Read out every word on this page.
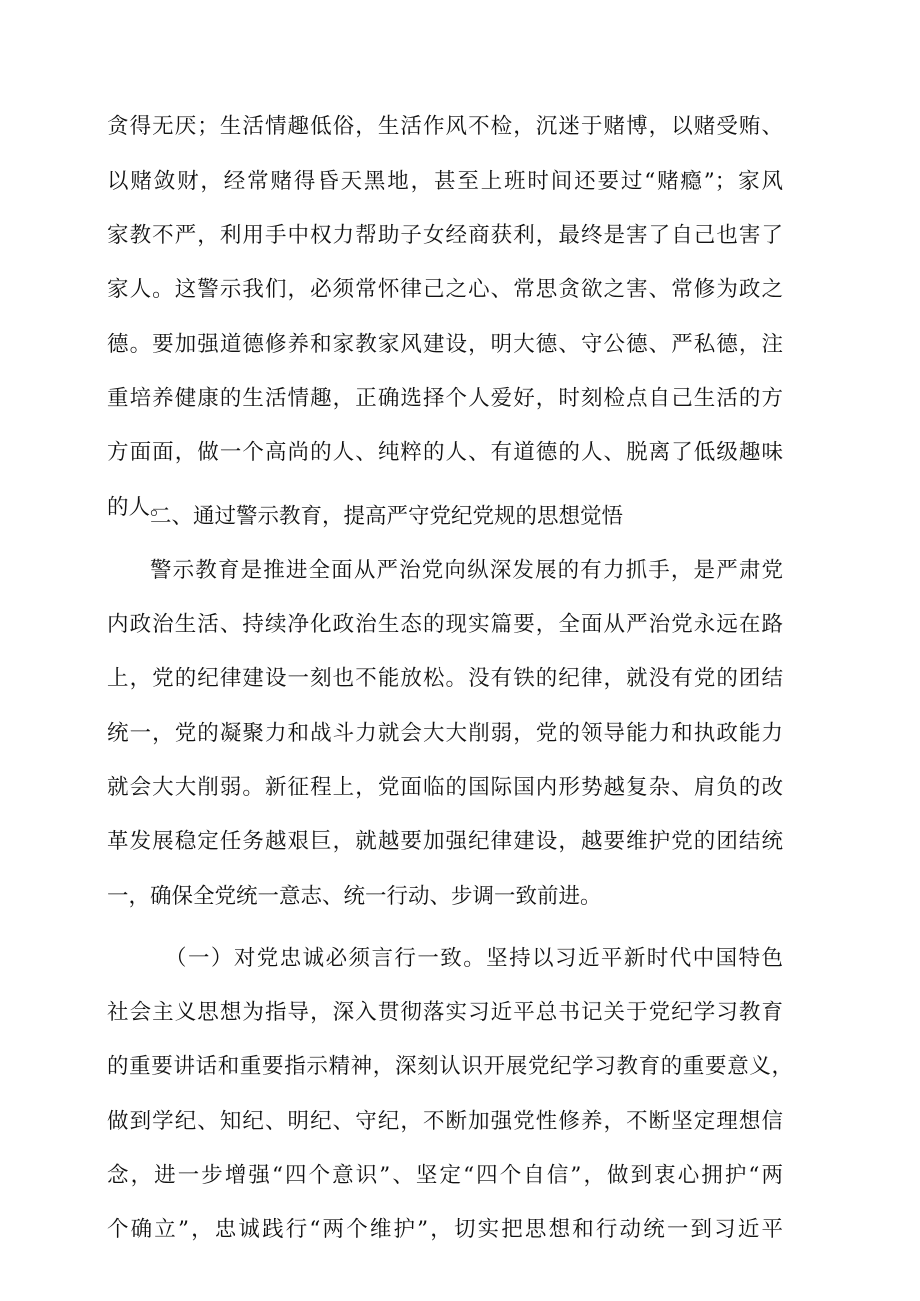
贪得无厌；生活情趣低俗，生活作风不检，沉迷于赌博，以赌受贿、
以赌敛财，经常赌得昏天黑地，甚至上班时间还要过“赌瘾”；家风
家教不严，利用手中权力帮助子女经商获利，最终是害了自己也害了
家人。这警示我们，必须常怀律己之心、常思贪欲之害、常修为政之
德。要加强道德修养和家教家风建设，明大德、守公德、严私德，注
重培养健康的生活情趣，正确选择个人爱好，时刻检点自己生活的方
方面面，做一个高尚的人、纯粹的人、有道德的人、脱离了低级趣味
的人。
二、通过警示教育，提高严守党纪党规的思想觉悟
警示教育是推进全面从严治党向纵深发展的有力抓手，是严肃党
内政治生活、持续净化政治生态的现实篇要，全面从严治党永远在路
上，党的纪律建设一刻也不能放松。没有铁的纪律，就没有党的团结
统一，党的凝聚力和战斗力就会大大削弱，党的领导能力和执政能力
就会大大削弱。新征程上，党面临的国际国内形势越复杂、肩负的改
革发展稳定任务越艰巨，就越要加强纪律建设，越要维护党的团结统
一，确保全党统一意志、统一行动、步调一致前进。
（一）对党忠诚必须言行一致。坚持以习近平新时代中国特色
社会主义思想为指导，深入贯彻落实习近平总书记关于党纪学习教育
的重要讲话和重要指示精神，深刻认识开展党纪学习教育的重要意义，
做到学纪、知纪、明纪、守纪，不断加强党性修养，不断坚定理想信
念，进一步增强“四个意识”、坚定“四个自信”，做到衷心拥护“两
个确立”，忠诚践行“两个维护”，切实把思想和行动统一到习近平
